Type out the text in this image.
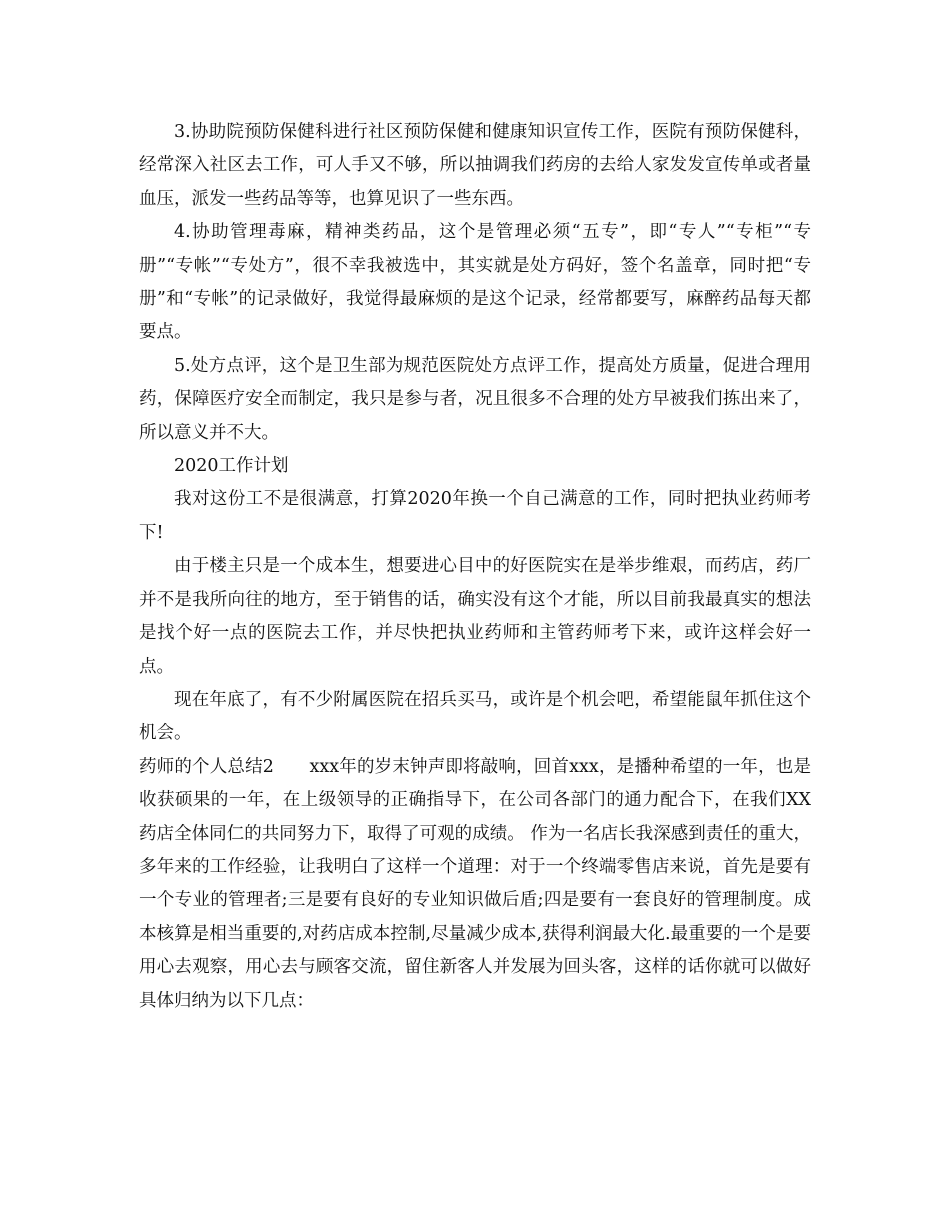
3.协助院预防保健科进行社区预防保健和健康知识宣传工作，医院有预防保健科，经常深入社区去工作，可人手又不够，所以抽调我们药房的去给人家发发宣传单或者量血压，派发一些药品等等，也算见识了一些东西。

4.协助管理毒麻，精神类药品，这个是管理必须“五专”，即“专人”“专柜”“专册”“专帐”“专处方”，很不幸我被选中，其实就是处方码好，签个名盖章，同时把“专册”和“专帐”的记录做好，我觉得最麻烦的是这个记录，经常都要写，麻醉药品每天都要点。

5.处方点评，这个是卫生部为规范医院处方点评工作，提高处方质量，促进合理用药，保障医疗安全而制定，我只是参与者，况且很多不合理的处方早被我们拣出来了，所以意义并不大。

2020工作计划

我对这份工不是很满意，打算2020年换一个自己满意的工作，同时把执业药师考下!

由于楼主只是一个成本生，想要进心目中的好医院实在是举步维艰，而药店，药厂并不是我所向往的地方，至于销售的话，确实没有这个才能，所以目前我最真实的想法是找个好一点的医院去工作，并尽快把执业药师和主管药师考下来，或许这样会好一点。

现在年底了，有不少附属医院在招兵买马，或许是个机会吧，希望能鼠年抓住这个机会。

药师的个人总结2　　xxx年的岁末钟声即将敲响，回首xxx，是播种希望的一年，也是收获硕果的一年，在上级领导的正确指导下，在公司各部门的通力配合下，在我们XX药店全体同仁的共同努力下，取得了可观的成绩。 作为一名店长我深感到责任的重大，多年来的工作经验，让我明白了这样一个道理：对于一个终端零售店来说，首先是要有一个专业的管理者;三是要有良好的专业知识做后盾;四是要有一套良好的管理制度。成本核算是相当重要的,对药店成本控制,尽量减少成本,获得利润最大化.最重要的一个是要用心去观察，用心去与顾客交流，留住新客人并发展为回头客，这样的话你就可以做好具体归纳为以下几点：
